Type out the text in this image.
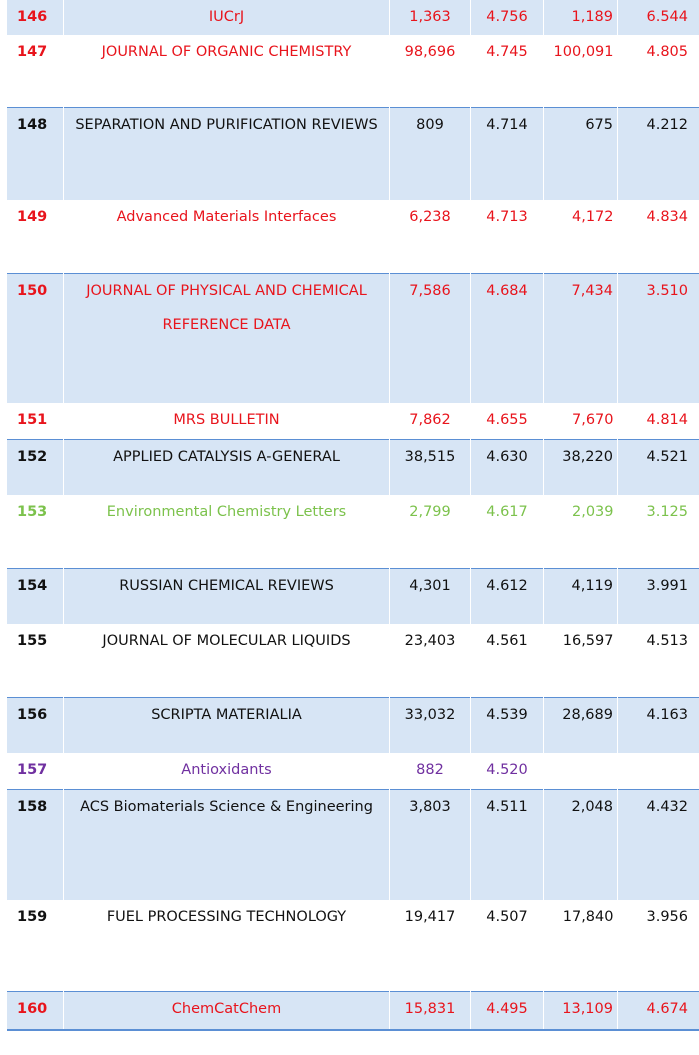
146	IUCrJ	1,363	4.756	1,189	6.544
147	JOURNAL OF ORGANIC CHEMISTRY	98,696	4.745	100,091	4.805
148	SEPARATION AND PURIFICATION REVIEWS	809	4.714	675	4.212
149	Advanced Materials Interfaces	6,238	4.713	4,172	4.834
150	JOURNAL OF PHYSICAL AND CHEMICAL REFERENCE DATA	7,586	4.684	7,434	3.510
151	MRS BULLETIN	7,862	4.655	7,670	4.814
152	APPLIED CATALYSIS A-GENERAL	38,515	4.630	38,220	4.521
153	Environmental Chemistry Letters	2,799	4.617	2,039	3.125
154	RUSSIAN CHEMICAL REVIEWS	4,301	4.612	4,119	3.991
155	JOURNAL OF MOLECULAR LIQUIDS	23,403	4.561	16,597	4.513
156	SCRIPTA MATERIALIA	33,032	4.539	28,689	4.163
157	Antioxidants	882	4.520		
158	ACS Biomaterials Science & Engineering	3,803	4.511	2,048	4.432
159	FUEL PROCESSING TECHNOLOGY	19,417	4.507	17,840	3.956
160	ChemCatChem	15,831	4.495	13,109	4.674
